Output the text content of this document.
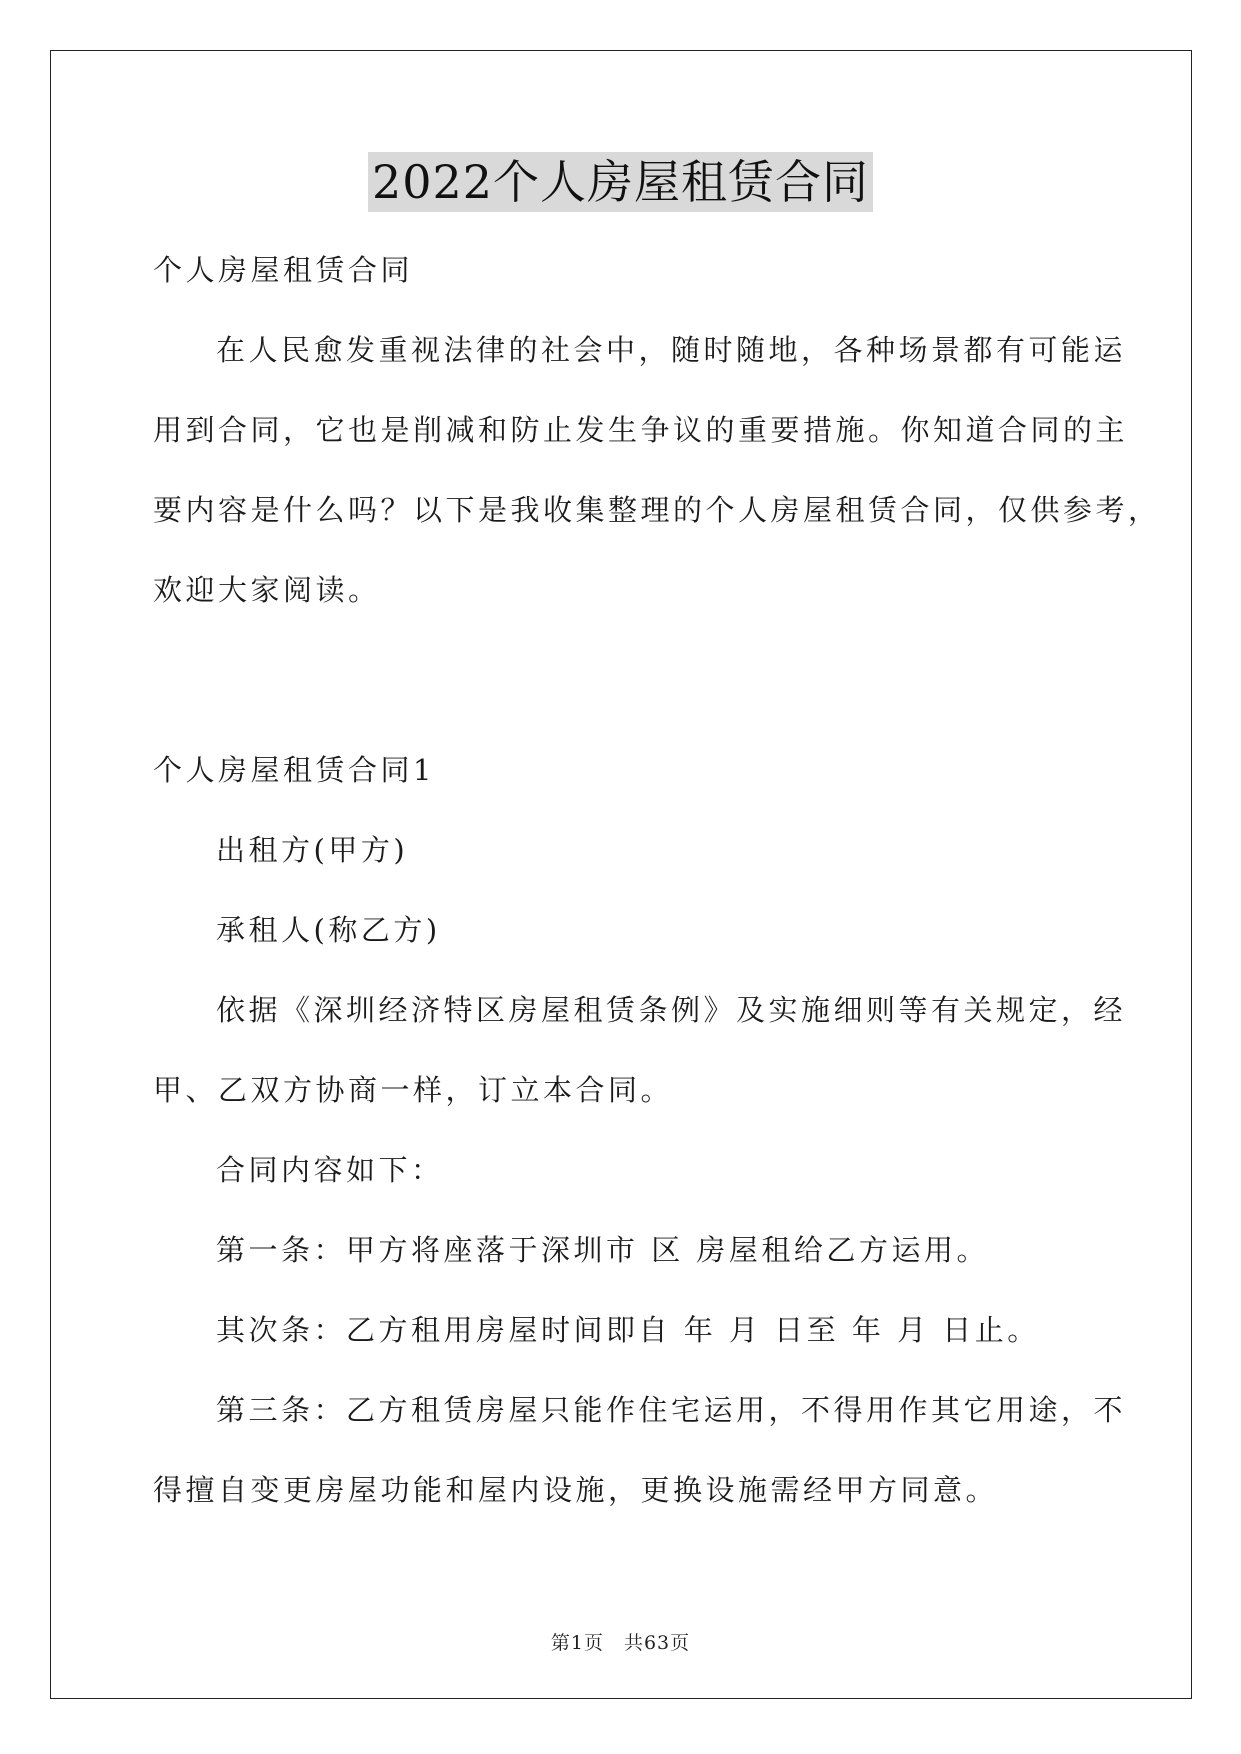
2022个人房屋租赁合同
个人房屋租赁合同
在人民愈发重视法律的社会中，随时随地，各种场景都有可能运
用到合同，它也是削减和防止发生争议的重要措施。你知道合同的主
要内容是什么吗？以下是我收集整理的个人房屋租赁合同，仅供参考，
欢迎大家阅读。
个人房屋租赁合同1
出租方(甲方)
承租人(称乙方)
依据《深圳经济特区房屋租赁条例》及实施细则等有关规定，经
甲、乙双方协商一样，订立本合同。
合同内容如下：
第一条：甲方将座落于深圳市 区 房屋租给乙方运用。
其次条：乙方租用房屋时间即自 年 月 日至 年 月 日止。
第三条：乙方租赁房屋只能作住宅运用，不得用作其它用途，不
得擅自变更房屋功能和屋内设施，更换设施需经甲方同意。
第1页　共63页
